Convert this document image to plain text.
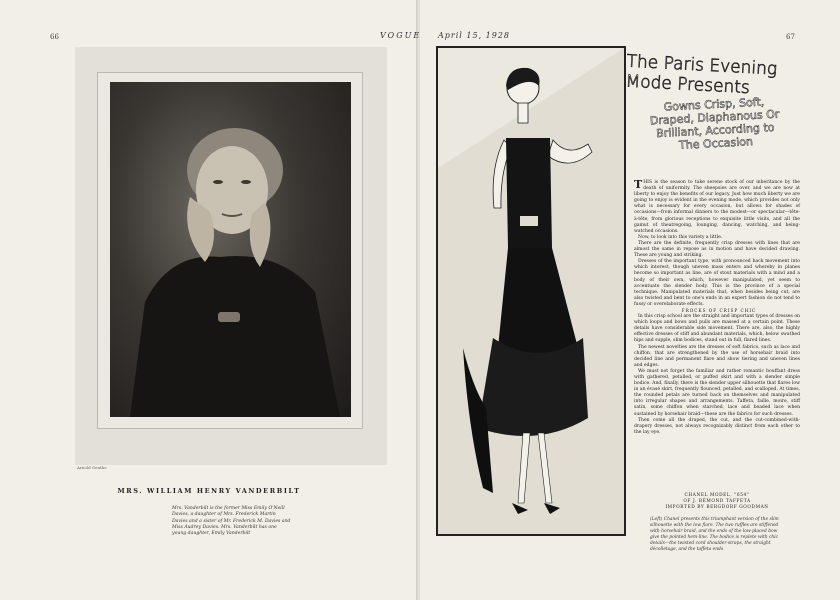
66
Arnold Genthe
MRS. WILLIAM HENRY VANDERBILT
Mrs. Vanderbilt is the former Miss Emily O'Neill Davies, a daughter of Mrs. Frederick Martin Davies and a sister of Mr. Frederick M. Davies and Miss Audrey Davies. Mrs. Vanderbilt has one young daughter, Emily Vanderbilt
VOGUE April 15, 1928	67
The Paris Evening Mode Presents
Gowns Crisp, Soft, Draped, Diaphanous Or Brilliant, According to The Occasion

THIS is the season to take serene stock of our inheritance by the death of uniformity. The sheepsies are over, and we are now at liberty to enjoy the benefits of our legacy. Just how much liberty we are going to enjoy is evident in the evening mode, which provides not only what is necessary for every occasion, but allows for shades of occasions—from informal dinners to the modest—or spectacular—tête-à-tête, from glorious receptions to exquisite little visits, and all the gamut of theatregoing, lounging, dancing, watching, and being-watched occasions.

Now, to look into this variety a little.

There are the definite, frequently crisp dresses with lines that are almost the same in repose as in motion and have decided drawing. These are young and striking.

Dresses of the important type, with pronounced back movement into which interest, though uneven mass enters and whereby in planes become so important as line, are of stout materials with a mind and a body of their own, which, however manipulated, yet seem to accentuate the slender body. This is the province of a special technique. Manipulated materials that, when besides being cut, are also twisted and bent to one's ends in an expert fashion do not tend to fussy or overelaborate effects.

FROCKS OF CRISP CHIC

In this crisp school are the straight and important types of dresses on which loops and bows and pulls are massed at a certain point. These details have considerable side movement. There are, also, the highly effective dresses of stiff and abundant materials, which, below swathed hips and supple, slim bodices, stand out in full, flared lines.

The newest novelties are the dresses of soft fabrics, such as lace and chiffon, that are strengthened by the use of horsehair braid into decided line and permanent flare and show tiering and uneven lines and edges.

We must not forget the familiar and rather romantic bouffant dress with gathered, petalled, or puffed skirt and with a slender simple bodice. And, finally, there is the slender upper silhouette that flares low in an évasé skirt, frequently flounced, petalled, and scalloped. At times, the rounded petals are turned back on themselves and manipulated into irregular shapes and arrangements. Taffeta, faille, moire, stiff satin, some chiffon when starched, lace and beaded lace when sustained by horsehair braid—these are the fabrics for such dresses.

Then come all the draped, the cut, and the cut-combined-with-drapery dresses, not always recognizably distinct from each other to the lay eye.

CHANEL MODEL, "654"
OF J. BÉMOND TAFFETA
IMPORTED BY BERGDORF GOODMAN
(Left) Chanel presents this triumphant version of the slim silhouette with the low flare. The two ruffles are stiffened with horsehair braid, and the ends of the low-placed bow give the pointed hem-line. The bodice is replete with chic details—the twisted cord shoulder-straps, the straight décolletage, and the taffeta ends
